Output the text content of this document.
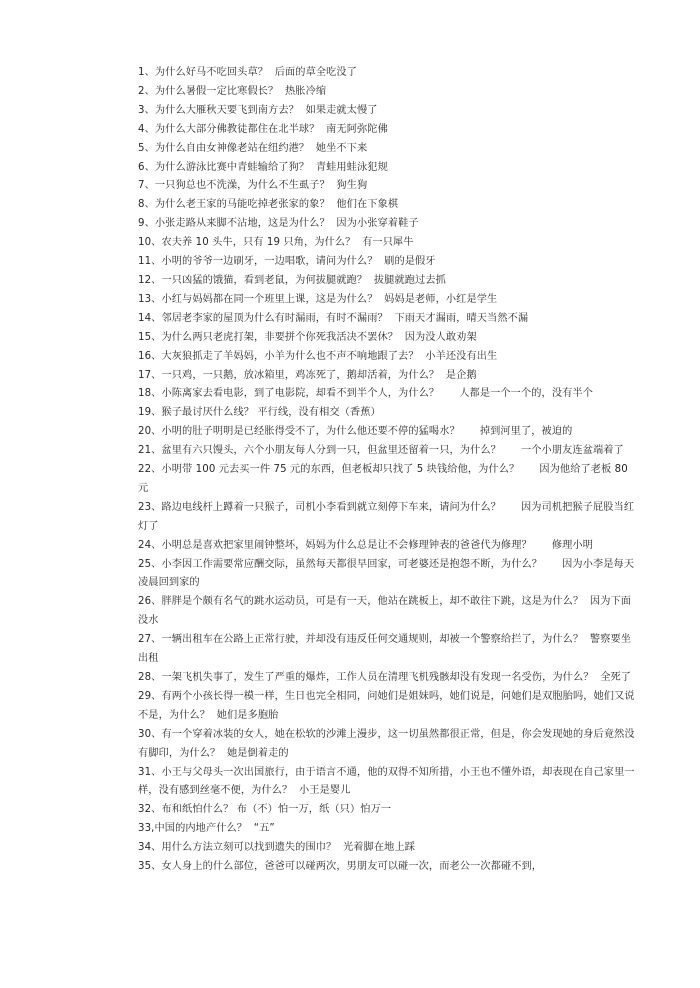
1、为什么好马不吃回头草？  后面的草全吃没了
2、为什么暑假一定比寒假长？  热胀冷缩
3、为什么大雁秋天要飞到南方去？  如果走就太慢了
4、为什么大部分佛教徒都住在北半球？  南无阿弥陀佛
5、为什么自由女神像老站在纽约港？  她坐不下来
6、为什么游泳比赛中青蛙输给了狗？  青蛙用蛙泳犯规
7、一只狗总也不洗澡，为什么不生虱子？  狗生狗
8、为什么老王家的马能吃掉老张家的象？  他们在下象棋
9、小张走路从来脚不沾地，这是为什么？  因为小张穿着鞋子
10、农夫养 10 头牛，只有 19 只角，为什么？  有一只犀牛
11、小明的爷爷一边刷牙，一边唱歌，请问为什么？  刷的是假牙
12、一只凶猛的饿猫，看到老鼠，为何拔腿就跑？  拔腿就跑过去抓
13、小红与妈妈都在同一个班里上课，这是为什么？  妈妈是老师，小红是学生
14、邻居老李家的屋顶为什么有时漏雨，有时不漏雨？  下雨天才漏雨，晴天当然不漏
15、为什么两只老虎打架，非要拼个你死我活决不罢休？  因为没人敢劝架
16、大灰狼抓走了羊妈妈，小羊为什么也不声不响地跟了去？  小羊还没有出生
17、一只鸡，一只鹅，放冰箱里，鸡冻死了，鹅却活着，为什么？  是企鹅
18、小陈离家去看电影，到了电影院，却看不到半个人，为什么？      人都是一个一个的，没有半个
19、猴子最讨厌什么线？ 平行线，没有相交（香蕉）
20、小明的肚子明明是已经胀得受不了，为什么他还要不停的猛喝水？      掉到河里了，被迫的
21、盆里有六只馒头，六个小朋友每人分到一只，但盆里还留着一只，为什么？      一个小朋友连盆端着了
22、小明带 100 元去买一件 75 元的东西，但老板却只找了 5 块钱给他，为什么？      因为他给了老板 80 元
23、路边电线杆上蹲着一只猴子，司机小李看到就立刻停下车来，请问为什么？      因为司机把猴子屁股当红灯了
24、小明总是喜欢把家里闹钟整坏，妈妈为什么总是让不会修理钟表的爸爸代为修理？      修理小明
25、小李因工作需要常应酬交际，虽然每天都很早回家，可老婆还是抱怨不断，为什么？      因为小李是每天凌晨回到家的
26、胖胖是个颇有名气的跳水运动员，可是有一天，他站在跳板上，却不敢往下跳，这是为什么？  因为下面没水
27、一辆出租车在公路上正常行驶，并却没有违反任何交通规则，却被一个警察给拦了，为什么？  警察要坐出租
28、一架飞机失事了，发生了严重的爆炸，工作人员在清理飞机残骸却没有发现一名受伤，为什么？  全死了
29、有两个小孩长得一模一样，生日也完全相同，问她们是姐妹吗，她们说是，问她们是双胞胎吗，她们又说不是，为什么？  她们是多胞胎
30、有一个穿着冰装的女人，她在松软的沙滩上漫步，这一切虽然都很正常，但是，你会发现她的身后竟然没有脚印，为什么？  她是倒着走的
31、小王与父母头一次出国旅行，由于语言不通，他的双得不知所措，小王也不懂外语，却表现在自己家里一样，没有感到丝毫不便，为什么？  小王是婴儿
32、布和纸怕什么？ 布（不）怕一万，纸（只）怕万一
33,中国的内地产什么？  “五”
34、用什么方法立刻可以找到遗失的围巾？  光着脚在地上踩
35、女人身上的什么部位，爸爸可以碰两次，男朋友可以碰一次，而老公一次都碰不到，
